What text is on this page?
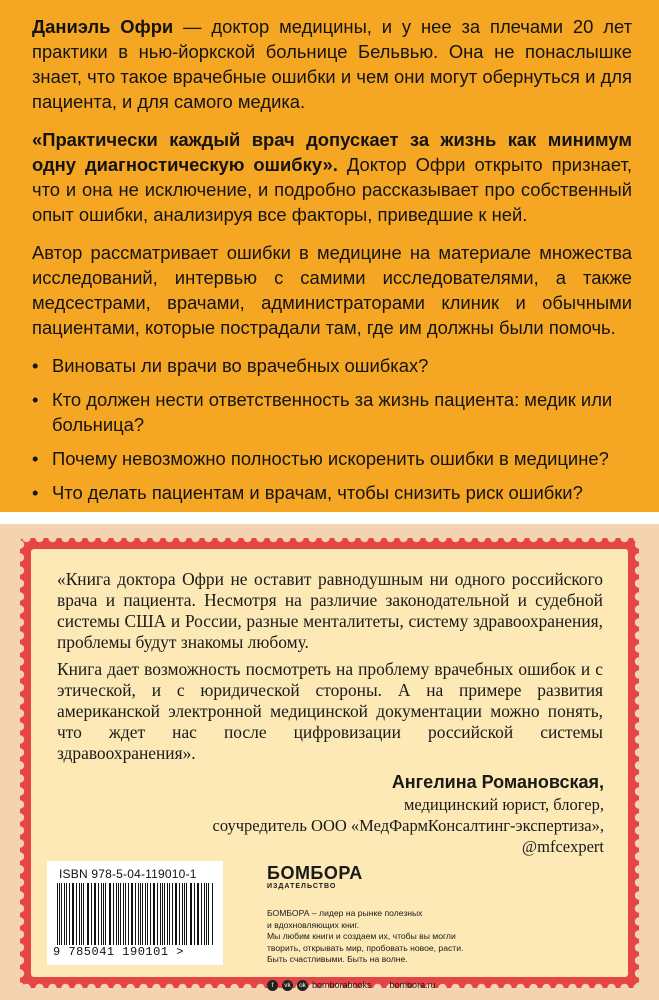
Даниэль Офри — доктор медицины, и у нее за плечами 20 лет практики в нью-йоркской больнице Бельвью. Она не понаслышке знает, что такое врачебные ошибки и чем они могут обернуться и для пациента, и для самого медика.

«Практически каждый врач допускает за жизнь как минимум одну диагностическую ошибку». Доктор Офри открыто признает, что и она не исключение, и подробно рассказывает про собственный опыт ошибки, анализируя все факторы, приведшие к ней.

Автор рассматривает ошибки в медицине на материале множества исследований, интервью с самими исследователями, а также медсестрами, врачами, администраторами клиник и обычными пациентами, которые пострадали там, где им должны были помочь.

• Виноваты ли врачи во врачебных ошибках?
• Кто должен нести ответственность за жизнь пациента: медик или больница?
• Почему невозможно полностью искоренить ошибки в медицине?
• Что делать пациентам и врачам, чтобы снизить риск ошибки?
•

«Книга доктора Офри не оставит равнодушным ни одного российского врача и пациента. Несмотря на различие законодательной и судебной системы США и России, разные менталитеты, систему здравоохранения, проблемы будут знакомы любому.

Книга дает возможность посмотреть на проблему врачебных ошибок и с этической, и с юридической стороны. А на примере развития американской электронной медицинской документации можно понять, что ждет нас после цифровизации российской системы здравоохранения».

Ангелина Романовская,
медицинский юрист, блогер,
соучредитель ООО «МедФармКонсалтинг-экспертиза»,
@mfcexpert
ISBN 978-5-04-119010-1
9 785041 190101 >
БОМБОРА
ИЗДАТЕЛЬСТВО
БОМБОРА – лидер на рынке полезных
и вдохновляющих книг.
Мы любим книги и создаем их, чтобы вы могли
творить, открывать мир, пробовать новое, расти.
Быть счастливыми. Быть на волне.
f	vk	ok bomborabooks bombora.ru
